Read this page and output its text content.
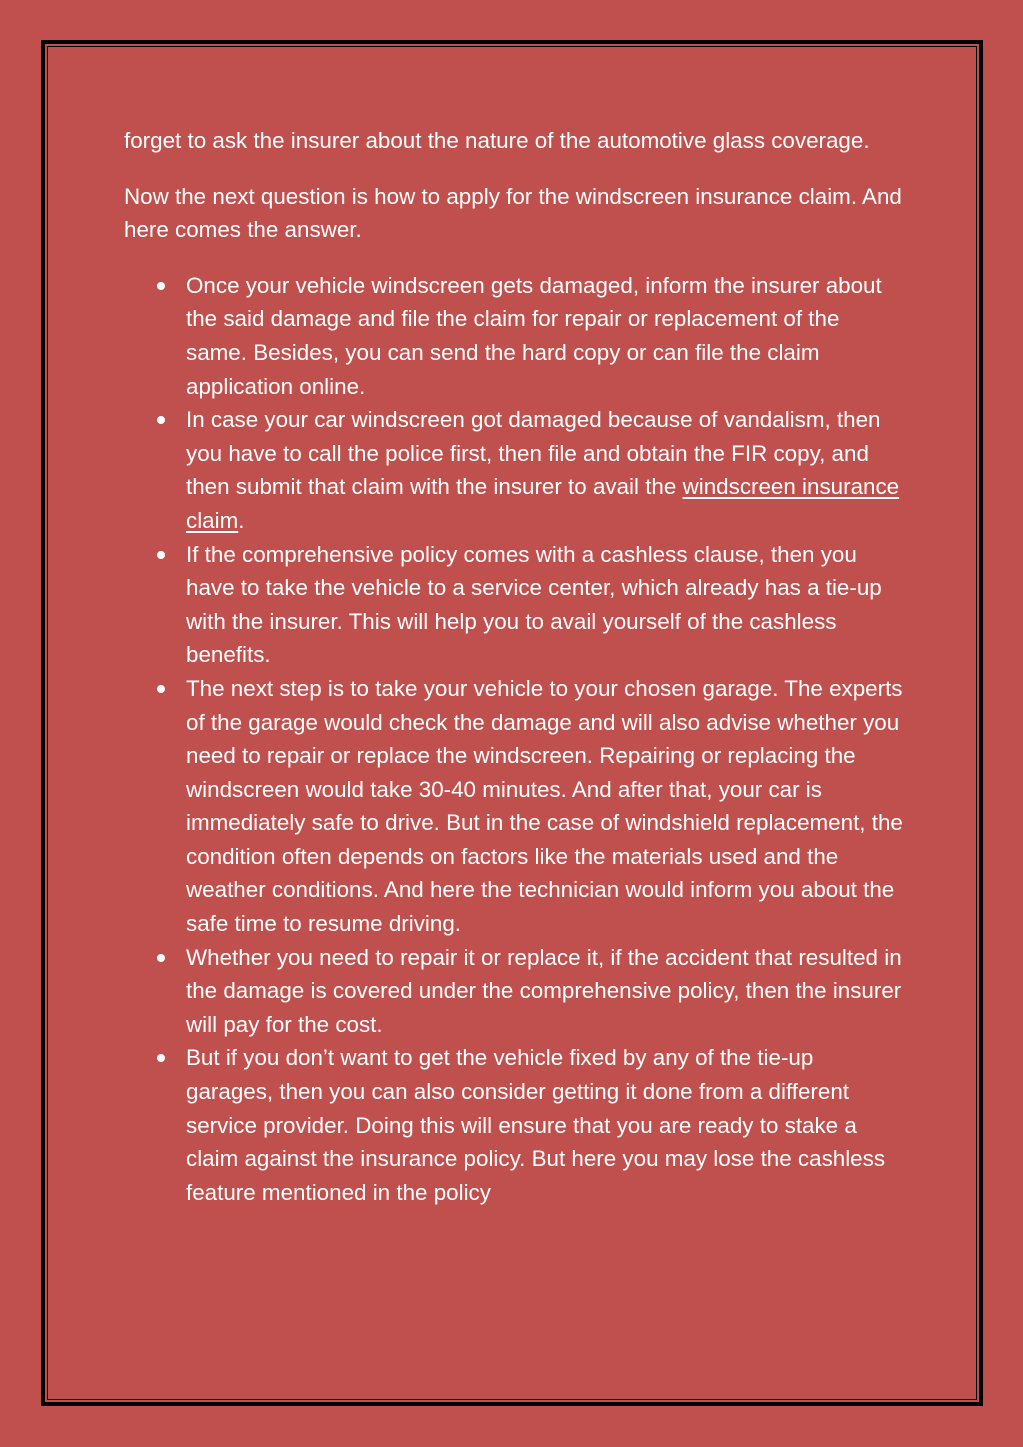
forget to ask the insurer about the nature of the automotive glass coverage.

Now the next question is how to apply for the windscreen insurance claim. And here comes the answer.

Once your vehicle windscreen gets damaged, inform the insurer about the said damage and file the claim for repair or replacement of the same. Besides, you can send the hard copy or can file the claim application online.
In case your car windscreen got damaged because of vandalism, then you have to call the police first, then file and obtain the FIR copy, and then submit that claim with the insurer to avail the windscreen insurance claim.
If the comprehensive policy comes with a cashless clause, then you have to take the vehicle to a service center, which already has a tie-up with the insurer. This will help you to avail yourself of the cashless benefits.
The next step is to take your vehicle to your chosen garage. The experts of the garage would check the damage and will also advise whether you need to repair or replace the windscreen. Repairing or replacing the windscreen would take 30-40 minutes. And after that, your car is immediately safe to drive. But in the case of windshield replacement, the condition often depends on factors like the materials used and the weather conditions. And here the technician would inform you about the safe time to resume driving.
Whether you need to repair it or replace it, if the accident that resulted in the damage is covered under the comprehensive policy, then the insurer will pay for the cost.
But if you don’t want to get the vehicle fixed by any of the tie-up garages, then you can also consider getting it done from a different service provider. Doing this will ensure that you are ready to stake a claim against the insurance policy. But here you may lose the cashless feature mentioned in the policy
